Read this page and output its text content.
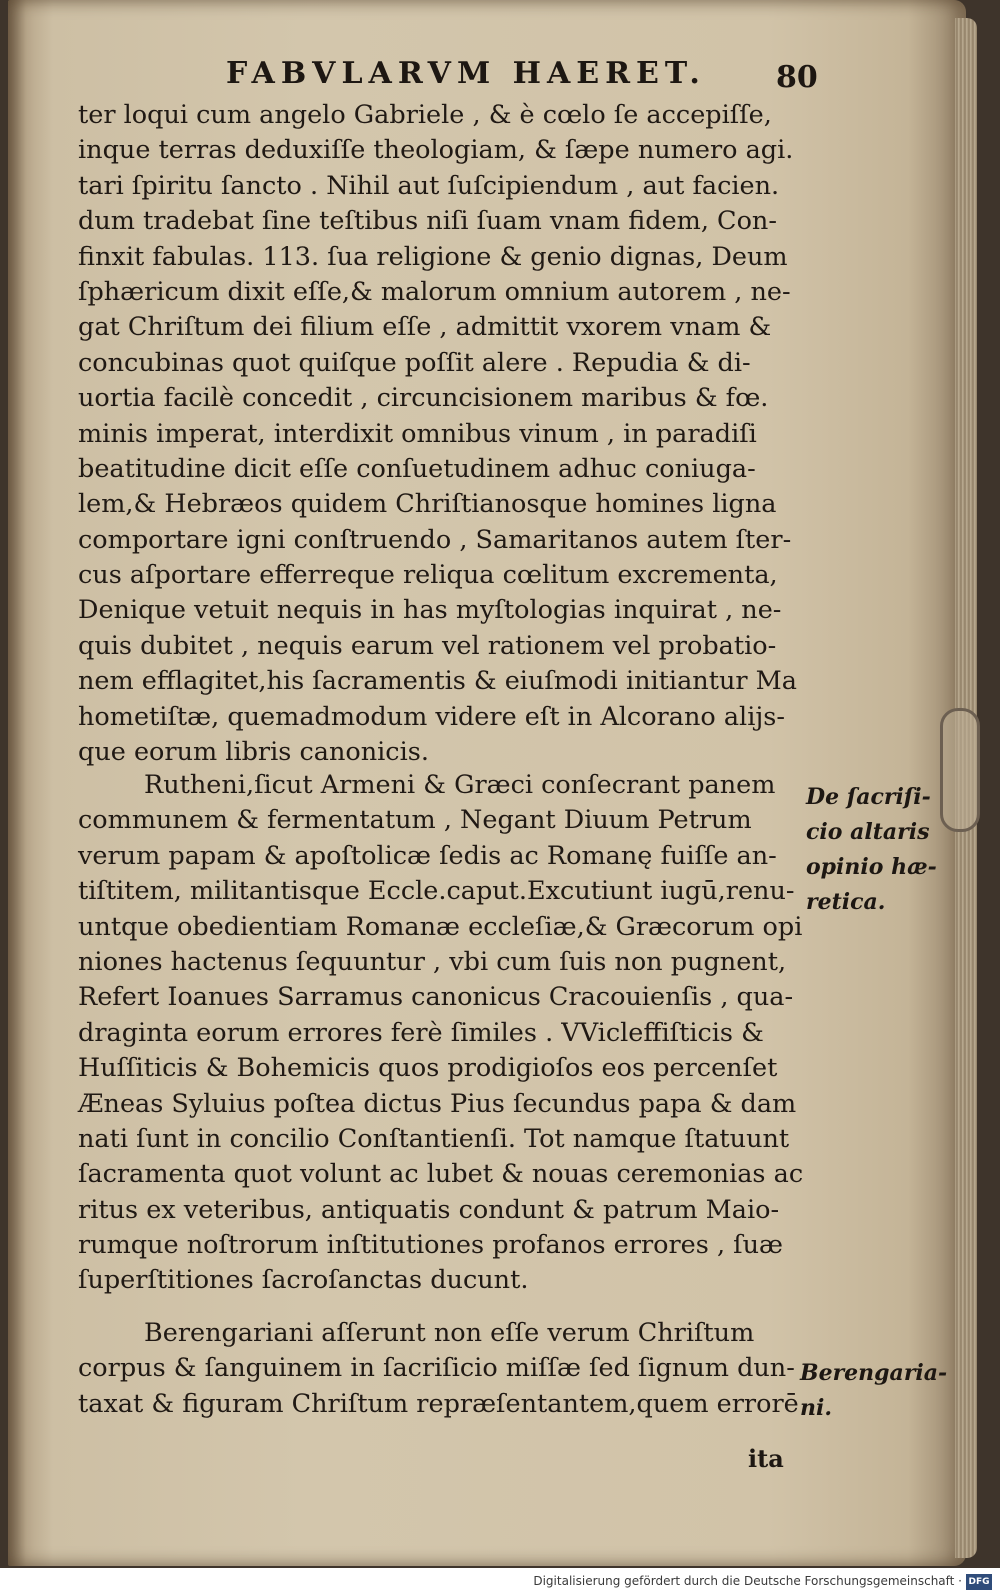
FABVLARVM HAERET. 80
ter loqui cum angelo Gabriele , & è cœlo ſe accepiſſe,
inque terras deduxiſſe theologiam, & ſæpe numero agi.
tari ſpiritu ſancto . Nihil aut ſuſcipiendum , aut facien.
dum tradebat ſine teſtibus niſi ſuam vnam fidem, Con-
finxit fabulas. 113. ſua religione & genio dignas, Deum
ſphæricum dixit eſſe,& malorum omnium autorem , ne-
gat Chriſtum dei filium eſſe , admittit vxorem vnam &
concubinas quot quiſque poſſit alere . Repudia & di-
uortia facilè concedit , circuncisionem maribus & fœ.
minis imperat, interdixit omnibus vinum , in paradiſi
beatitudine dicit eſſe conſuetudinem adhuc coniuga-
lem,& Hebræos quidem Chriſtianosque homines ligna
comportare igni conſtruendo , Samaritanos autem ſter-
cus aſportare efferreque reliqua cœlitum excrementa,
Denique vetuit nequis in has myſtologias inquirat , ne-
quis dubitet , nequis earum vel rationem vel probatio-
nem efflagitet,his ſacramentis & eiuſmodi initiantur Ma
hometiſtæ, quemadmodum videre eſt in Alcorano alijs-
que eorum libris canonicis.
Rutheni,ſicut Armeni & Græci conſecrant panem
communem & fermentatum , Negant Diuum Petrum
verum papam & apoſtolicæ ſedis ac Romanę fuiſſe an-
tiſtitem, militantisque Eccle.caput.Excutiunt iugū,renu-
untque obedientiam Romanæ eccleſiæ,& Græcorum opi
niones hactenus ſequuntur , vbi cum ſuis non pugnent,
Refert Ioanues Sarramus canonicus Cracouienſis , qua-
draginta eorum errores ferè ſimiles . VVicleffiſticis &
Huſſiticis & Bohemicis quos prodigioſos eos percenſet
Æneas Syluius poſtea dictus Pius ſecundus papa & dam
nati ſunt in concilio Conſtantienſi. Tot namque ſtatuunt
ſacramenta quot volunt ac lubet & nouas ceremonias ac
ritus ex veteribus, antiquatis condunt & patrum Maio-
rumque noſtrorum inſtitutiones profanos errores , ſuæ
ſuperſtitiones ſacroſanctas ducunt.
Berengariani aſſerunt non eſſe verum Chriſtum
corpus & ſanguinem in ſacriſicio miſſæ ſed ſignum dun-
taxat & figuram Chriſtum repræſentantem,quem errorē
De ſacriſi-
cio altaris
opinio hæ-
retica.
Berengaria-
ni.
ita
Digitalisierung gefördert durch die Deutsche Forschungsgemeinschaft · DFG
